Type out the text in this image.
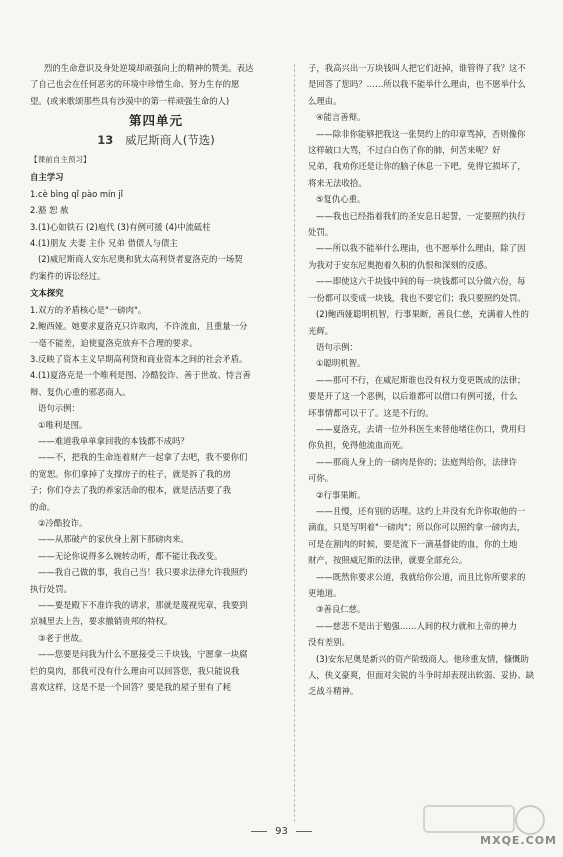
烈的生命意识及身处逆境却顽强向上的精神的赞美。表达
了自己也会在任何恶劣的环境中珍惜生命、努力生存的愿
望。(或来歌颂那些具有沙漠中的第一样顽强生命的人)
第四单元
13 威尼斯商人(节选)
【课前自主预习】
自主学习
1.cè bìng qǐ pào mín jǐ
2.豁 恕 赦
3.(1)心如铁石 (2)庖代 (3)有例可援 (4)中流砥柱
4.(1)朋友 夫妻 主仆 兄弟 借债人与债主
(2)威尼斯商人安东尼奥和犹太高利贷者夏洛克的一场契
约案件的诉讼经过。
文本探究
1.双方的矛盾核心是"一磅肉"。
2.鲍西娅。她要求夏洛克只许取肉，不许流血，且重量一分
一毫不能差，迫使夏洛克放弃不合理的要求。
3.反映了资本主义早期高利贷和商业资本之间的社会矛盾。
4.(1)夏洛克是一个唯利是图、冷酷狡诈、善于世故、恃言善
辩、复仇心重的邪恶商人。
语句示例：
①唯利是图。
——难道我单单拿回我的本钱都不成吗？
——不，把我的生命连着财产一起拿了去吧，我不要你们
的宽恕。你们拿掉了支撑房子的柱子，就是拆了我的房
子；你们夺去了我的养家活命的根本，就是活活要了我
的命。
②冷酷狡诈。
——从那破产的家伙身上割下那磅肉来。
——无论你说得多么婉转动听，都不能让我改变。
——我自己做的事，我自己当！我只要求法律允许我照约
执行处罚。
——要是殿下不准许我的请求，那就是蔑视宪章，我要到
京城里去上告，要求撤销贵邦的特权。
③老于世故。
——您要是问我为什么不愿接受三千块钱，宁愿拿一块腐
烂的臭肉，那我可没有什么理由可以回答您，我只能说我
喜欢这样，这是不是一个回答？要是我的屋子里有了耗
子，我高兴出一万块钱叫人把它们赶掉，谁管得了我？这不
是回答了您吗？……所以我不能举什么理由，也不愿举什么
么理由。
④能言善辩。
——除非你能够把我这一张契约上的印章骂掉，否则像你
这样破口大骂，不过白白伤了你的肺，何苦来呢？好
兄弟，我劝你还是让你的脑子休息一下吧，免得它损坏了，
将来无法收拾。
⑤复仇心重。
——我也已经指着我们的圣安息日起誓，一定要照约执行
处罚。
——所以我不能举什么理由，也不愿举什么理由，除了因
为我对于安东尼奥抱着久积的仇恨和深刻的反感。
——即使这六千块钱中间的每一块钱都可以分做六份，每
一份都可以变成一块钱，我也不要它们；我只要照约处罚。
(2)鲍西娅聪明机智，行事果断，善良仁慈，充满着人性的
光辉。
语句示例：
①聪明机智。
——那可不行，在威尼斯谁也没有权力变更既成的法律；
要是开了这一个恶例，以后谁都可以借口有例可援，什么
坏事情都可以干了。这是不行的。
——夏洛克，去请一位外科医生来替他堵住伤口，费用归
你负担，免得他流血而死。
——那商人身上的一磅肉是你的；法庭判给你，法律许
可你。
②行事果断。
——且慢，还有别的话哩。这约上并没有允许你取他的一
滴血，只是写明着"一磅肉"；所以你可以照约拿一磅肉去，
可是在割肉的时候，要是流下一滴基督徒的血，你的土地
财产，按照威尼斯的法律，就要全部充公。
——既然你要求公道，我就给你公道，而且比你所要求的
更地道。
③善良仁慈。
——慈悲不是出于勉强……人间的权力就和上帝的神力
没有差别。
(3)安东尼奥是新兴的资产阶级商人。他珍重友情，慷慨助
人，侠义豪爽，但面对尖锐的斗争时却表现出软弱、妥协、缺
乏战斗精神。
93
MXQE.COM
